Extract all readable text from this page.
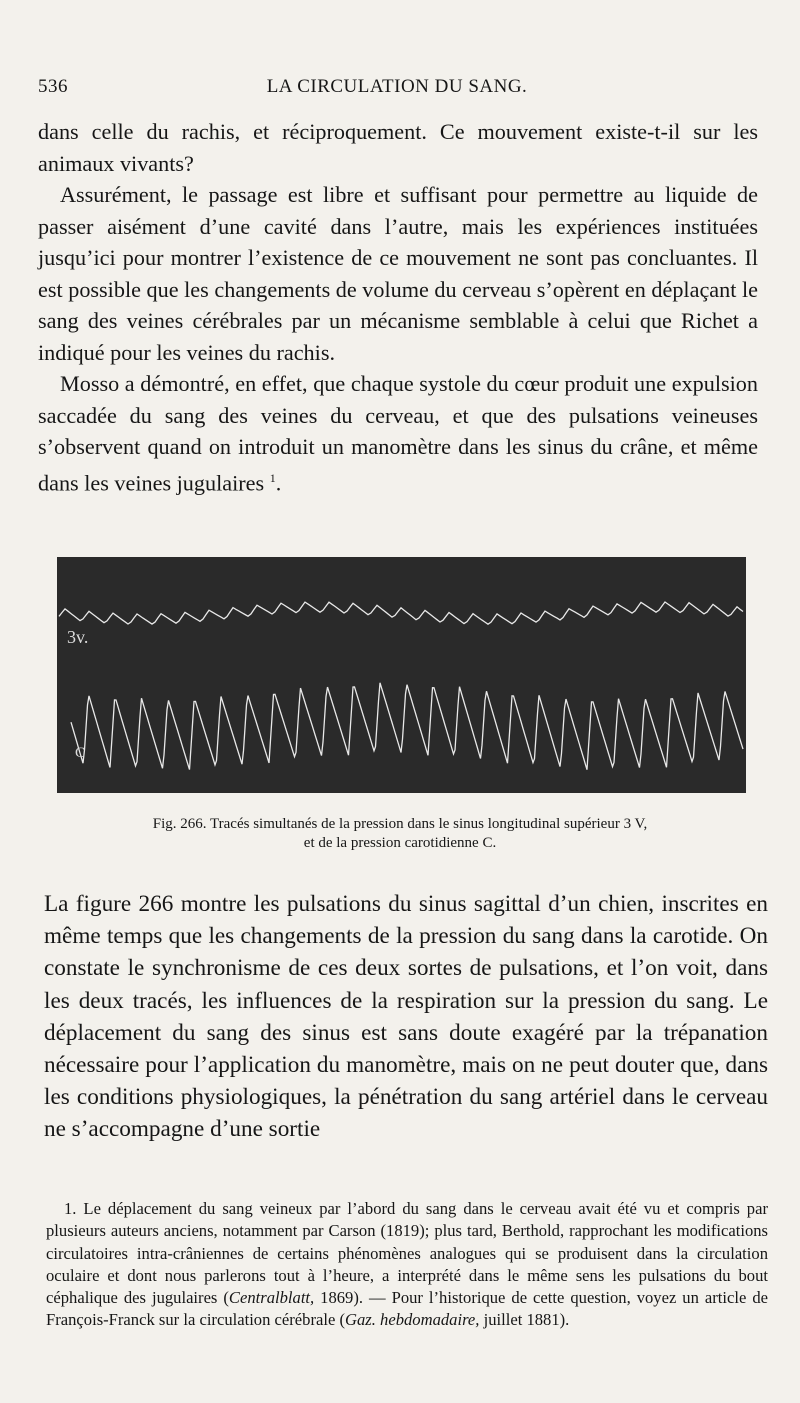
536	LA CIRCULATION DU SANG.

dans celle du rachis, et réciproquement. Ce mouvement existe-t-il sur les animaux vivants?

Assurément, le passage est libre et suffisant pour permettre au liquide de passer aisément d’une cavité dans l’autre, mais les expériences instituées jusqu’ici pour montrer l’existence de ce mouvement ne sont pas concluantes. Il est possible que les changements de volume du cerveau s’opèrent en déplaçant le sang des veines cérébrales par un mécanisme semblable à celui que Richet a indiqué pour les veines du rachis.

Mosso a démontré, en effet, que chaque systole du cœur produit une expulsion saccadée du sang des veines du cerveau, et que des pulsations veineuses s’observent quand on introduit un manomètre dans les sinus du crâne, et même dans les veines jugulaires $^1$.

3v.
C
Fig. 266. Tracés simultanés de la pression dans le sinus longitudinal supérieur 3 V,
et de la pression carotidienne C.

La figure 266 montre les pulsations du sinus sagittal d’un chien, inscrites en même temps que les changements de la pression du sang dans la carotide. On constate le synchronisme de ces deux sortes de pulsations, et l’on voit, dans les deux tracés, les influences de la respiration sur la pression du sang. Le déplacement du sang des sinus est sans doute exagéré par la trépanation nécessaire pour l’application du manomètre, mais on ne peut douter que, dans les conditions physiologiques, la pénétration du sang artériel dans le cerveau ne s’accompagne d’une sortie

1. Le déplacement du sang veineux par l’abord du sang dans le cerveau avait été vu et compris par plusieurs auteurs anciens, notamment par Carson (1819); plus tard, Berthold, rapprochant les modifications circulatoires intra-crâniennes de certains phénomènes analogues qui se produisent dans la circulation oculaire et dont nous parlerons tout à l’heure, a interprété dans le même sens les pulsations du bout céphalique des jugulaires (Centralblatt, 1869). — Pour l’historique de cette question, voyez un article de François-Franck sur la circulation cérébrale (Gaz. hebdomadaire, juillet 1881).
